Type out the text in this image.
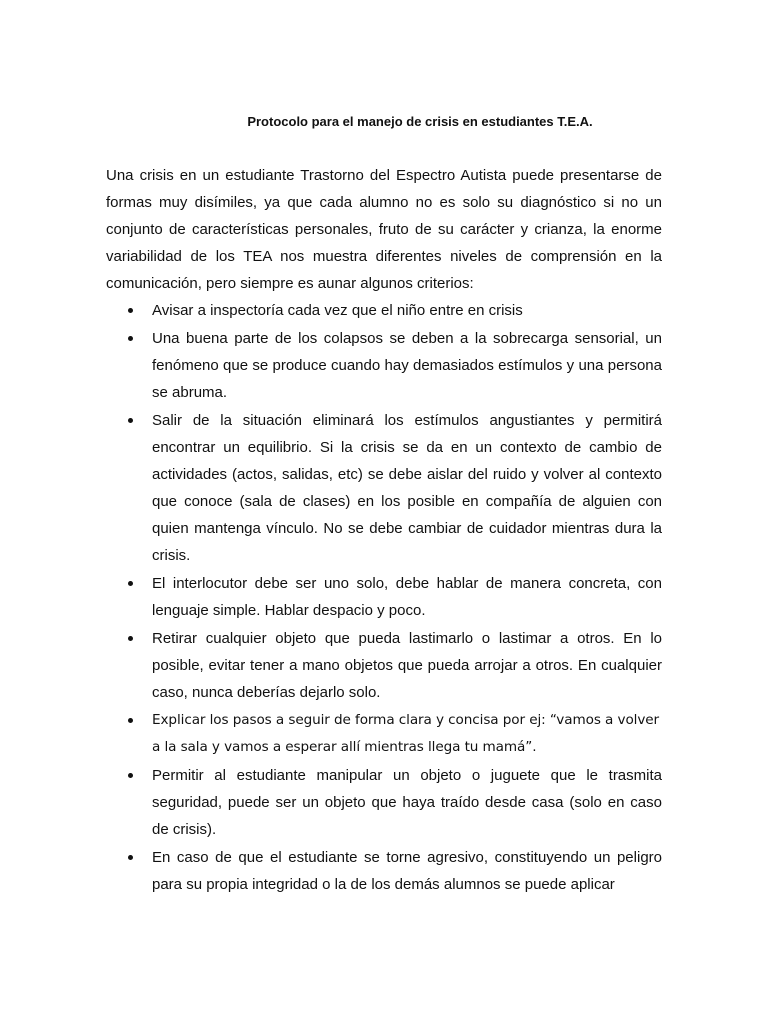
Protocolo para el manejo de crisis en estudiantes T.E.A.

Una crisis en un estudiante Trastorno del Espectro Autista puede presentarse de formas muy disímiles, ya que cada alumno no es solo su diagnóstico si no un conjunto de características personales, fruto de su carácter y crianza, la enorme variabilidad de los TEA nos muestra diferentes niveles de comprensión en la comunicación, pero siempre es aunar algunos criterios:

Avisar a inspectoría cada vez que el niño entre en crisis
Una buena parte de los colapsos se deben a la sobrecarga sensorial, un fenómeno que se produce cuando hay demasiados estímulos y una persona se abruma.
Salir de la situación eliminará los estímulos angustiantes y permitirá encontrar un equilibrio. Si la crisis se da en un contexto de cambio de actividades (actos, salidas, etc) se debe aislar del ruido y volver al contexto que conoce (sala de clases) en los posible en compañía de alguien con quien mantenga vínculo. No se debe cambiar de cuidador mientras dura la crisis.
El interlocutor debe ser uno solo, debe hablar de manera concreta, con lenguaje simple. Hablar despacio y poco.
Retirar cualquier objeto que pueda lastimarlo o lastimar a otros. En lo posible, evitar tener a mano objetos que pueda arrojar a otros. En cualquier caso, nunca deberías dejarlo solo.
Explicar los pasos a seguir de forma clara y concisa por ej: “vamos a volver a la sala y vamos a esperar allí mientras llega tu mamá”.
Permitir al estudiante manipular un objeto o juguete que le trasmita seguridad, puede ser un objeto que haya traído desde casa (solo en caso de crisis).
En caso de que el estudiante se torne agresivo, constituyendo un peligro para su propia integridad o la de los demás alumnos se puede aplicar
